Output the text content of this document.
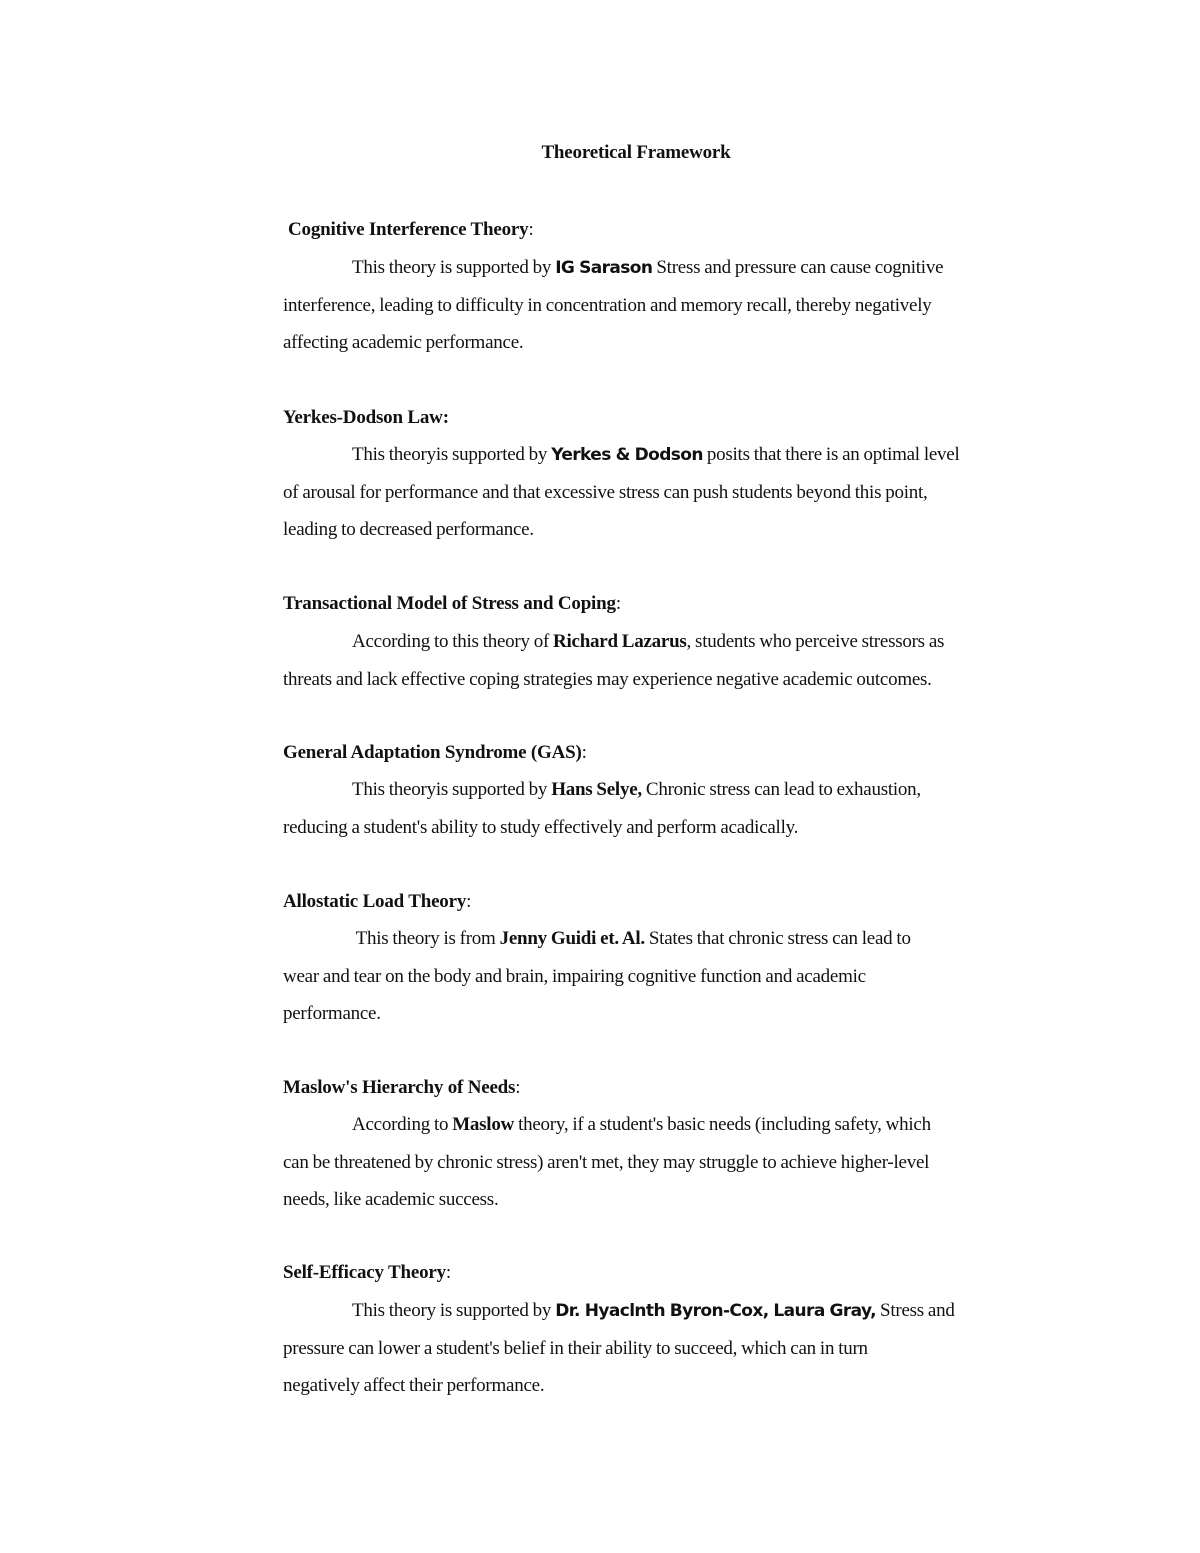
Theoretical Framework
Cognitive Interference Theory:
This theory is supported by IG Sarason Stress and pressure can cause cognitive
interference, leading to difficulty in concentration and memory recall, thereby negatively
affecting academic performance.
Yerkes-Dodson Law:
This theoryis supported by Yerkes & Dodson posits that there is an optimal level
of arousal for performance and that excessive stress can push students beyond this point,
leading to decreased performance.
Transactional Model of Stress and Coping:
According to this theory of Richard Lazarus, students who perceive stressors as
threats and lack effective coping strategies may experience negative academic outcomes.
General Adaptation Syndrome (GAS):
This theoryis supported by Hans Selye, Chronic stress can lead to exhaustion,
reducing a student's ability to study effectively and perform acadically.
Allostatic Load Theory:
This theory is from Jenny Guidi et. Al. States that chronic stress can lead to
wear and tear on the body and brain, impairing cognitive function and academic
performance.
Maslow's Hierarchy of Needs:
According to Maslow theory, if a student's basic needs (including safety, which
can be threatened by chronic stress) aren't met, they may struggle to achieve higher-level
needs, like academic success.
Self-Efficacy Theory:
This theory is supported by Dr. Hyaclnth Byron-Cox, Laura Gray, Stress and
pressure can lower a student's belief in their ability to succeed, which can in turn
negatively affect their performance.
